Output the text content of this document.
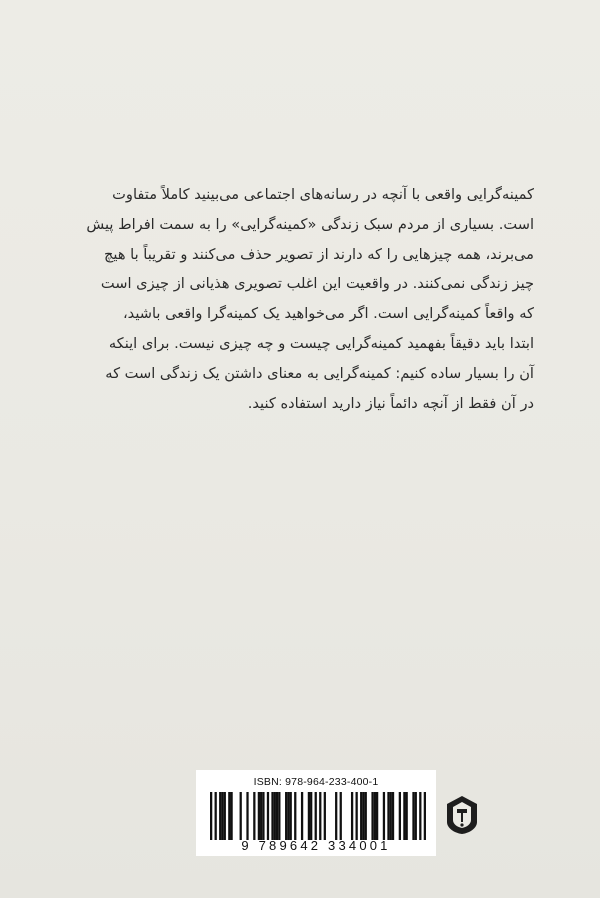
کمینه‌گرایی واقعی با آنچه در رسانه‌های اجتماعی می‌بینید کاملاً متفاوت

است. بسیاری از مردم سبک زندگی «کمینه‌گرایی» را به سمت افراط پیش

می‌برند، همه چیزهایی را که دارند از تصویر حذف می‌کنند و تقریباً با هیچ

چیز زندگی نمی‌کنند. در واقعیت این اغلب تصویری هذیانی از چیزی است

که واقعاً کمینه‌گرایی است. اگر می‌خواهید یک کمینه‌گرا واقعی باشید،

ابتدا باید دقیقاً بفهمید کمینه‌گرایی چیست و چه چیزی نیست. برای اینکه

آن را بسیار ساده کنیم: کمینه‌گرایی به معنای داشتن یک زندگی است که

در آن فقط از آنچه دائماً نیاز دارید استفاده کنید.

ISBN: 978-964-233-400-1
9 789642 334001
